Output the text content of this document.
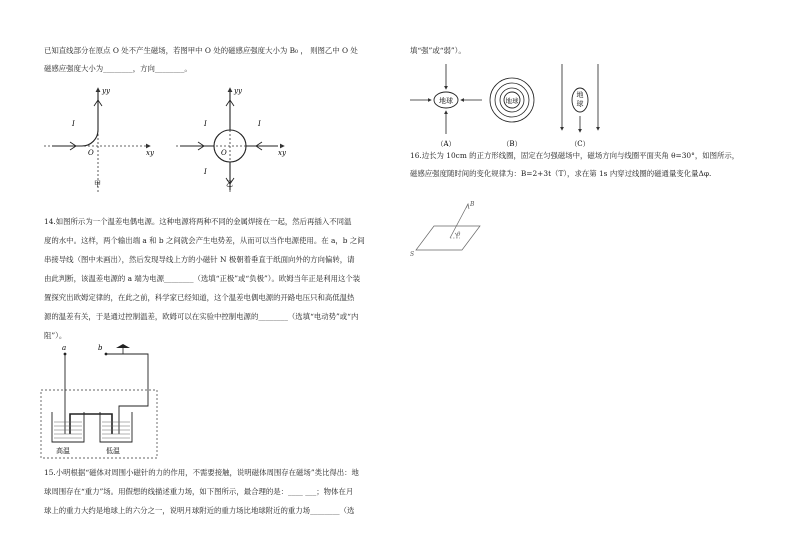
已知直线部分在原点 O 处不产生磁场，若图甲中 O 处的磁感应强度大小为 B₀ ， 则图乙中 O 处
磁感应强度大小为________，方向________。
yy
xy
O
I
甲
yy
xy
O
I	I
I
乙
14.如图所示为一个温差电偶电源。这种电源将两种不同的金属焊接在一起，然后再插入不同温
度的水中。这样，两个输出端 a 和 b 之间就会产生电势差，从而可以当作电源使用。在 a，b 之间
串接导线（图中未画出），然后发现导线上方的小磁针 N 极朝着垂直于纸面向外的方向偏转，请
由此判断，该温差电源的 a 端为电源________（选填“正极”或“负极”）。欧姆当年正是利用这个装
置探究出欧姆定律的，在此之前，科学家已经知道，这个温差电偶电源的开路电压只和高低温热
源的温差有关，于是通过控制温差，欧姆可以在实验中控制电源的________（选填“电动势”或“内
阻”）。
a	b
高温	低温
15.小明根据“磁体对周围小磁针的力的作用，不需要接触，说明磁体周围存在磁场”类比得出：地
球周围存在“重力”场。用假想的线描述重力场，如下图所示，最合理的是：____ ___；物体在月
球上的重力大约是地球上的六分之一，说明月球附近的重力场比地球附近的重力场________（选
填“强”或“弱”）。
地球
（A）
地球
（B）
地
球
（C）
16.边长为 10cm 的正方形线圈，固定在匀强磁场中，磁场方向与线圈平面夹角 θ=30°，如图所示，
磁感应强度随时间的变化规律为：B=2+3t（T），求在第 1s 内穿过线圈的磁通量变化量Δφ.
B
θ
S
